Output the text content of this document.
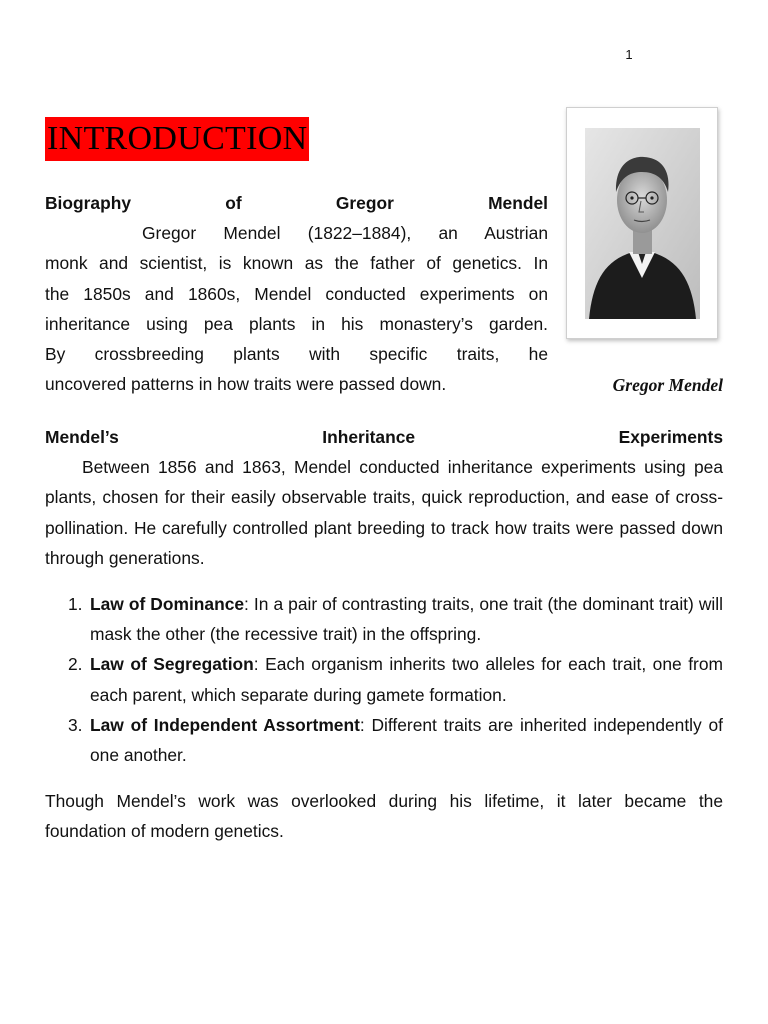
1
INTRODUCTION
Biography	of	Gregor	Mendel
Gregor Mendel (1822–1884), an Austrian
monk and scientist, is known as the father of genetics. In
the 1850s and 1860s, Mendel conducted experiments on
inheritance using pea plants in his monastery’s garden.
By crossbreeding plants with specific traits, he
uncovered patterns in how traits were passed down.	Gregor Mendel
Mendel’s	Inheritance	Experiments
Between 1856 and 1863, Mendel conducted inheritance experiments using pea plants, chosen for their easily observable traits, quick reproduction, and ease of cross-pollination. He carefully controlled plant breeding to track how traits were passed down through generations.
1. Law of Dominance: In a pair of contrasting traits, one trait (the dominant trait) will mask the other (the recessive trait) in the offspring.
2. Law of Segregation: Each organism inherits two alleles for each trait, one from each parent, which separate during gamete formation.
3. Law of Independent Assortment: Different traits are inherited independently of one another.

Though Mendel’s work was overlooked during his lifetime, it later became the foundation of modern genetics.
